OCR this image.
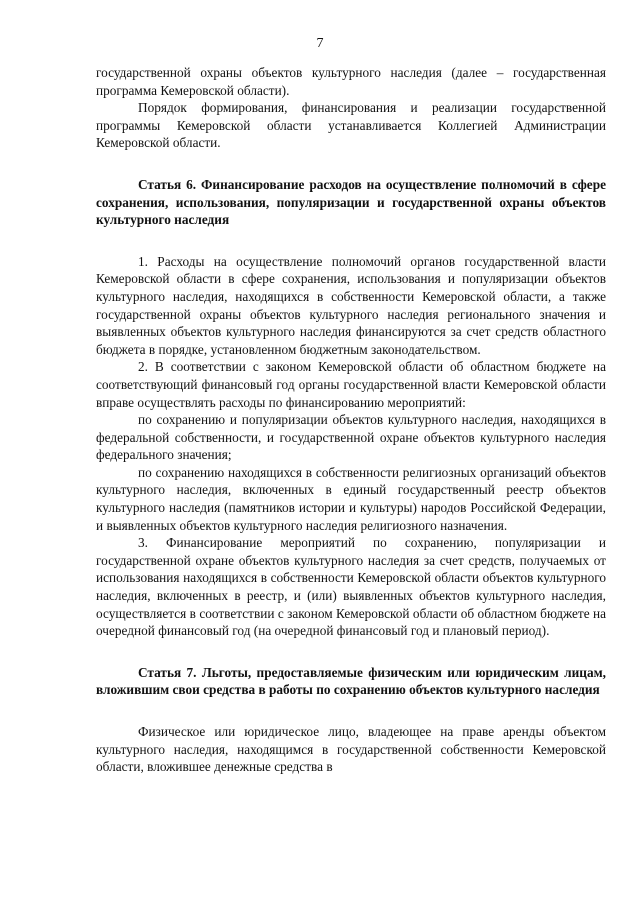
7

государственной охраны объектов культурного наследия (далее – государственная программа Кемеровской области).

Порядок формирования, финансирования и реализации государственной программы Кемеровской области устанавливается Коллегией Администрации Кемеровской области.

Статья 6. Финансирование расходов на осуществление полномочий в сфере сохранения, использования, популяризации и государственной охраны объектов культурного наследия

1. Расходы на осуществление полномочий органов государственной власти Кемеровской области в сфере сохранения, использования и популяризации объектов культурного наследия, находящихся в собственности Кемеровской области, а также государственной охраны объектов культурного наследия регионального значения и выявленных объектов культурного наследия финансируются за счет средств областного бюджета в порядке, установленном бюджетным законодательством.

2. В соответствии с законом Кемеровской области об областном бюджете на соответствующий финансовый год органы государственной власти Кемеровской области вправе осуществлять расходы по финансированию мероприятий:

по сохранению и популяризации объектов культурного наследия, находящихся в федеральной собственности, и государственной охране объектов культурного наследия федерального значения;

по сохранению находящихся в собственности религиозных организаций объектов культурного наследия, включенных в единый государственный реестр объектов культурного наследия (памятников истории и культуры) народов Российской Федерации, и выявленных объектов культурного наследия религиозного назначения.

3. Финансирование мероприятий по сохранению, популяризации и государственной охране объектов культурного наследия за счет средств, получаемых от использования находящихся в собственности Кемеровской области объектов культурного наследия, включенных в реестр, и (или) выявленных объектов культурного наследия, осуществляется в соответствии с законом Кемеровской области об областном бюджете на очередной финансовый год (на очередной финансовый год и плановый период).

Статья 7. Льготы, предоставляемые физическим или юридическим лицам, вложившим свои средства в работы по сохранению объектов культурного наследия

Физическое или юридическое лицо, владеющее на праве аренды объектом культурного наследия, находящимся в государственной собственности Кемеровской области, вложившее денежные средства в
